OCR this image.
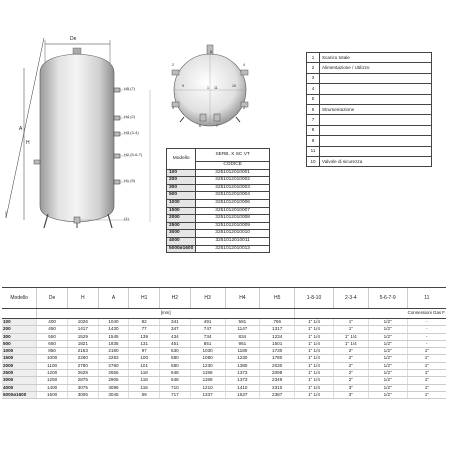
De
A
H
H5 (7)
H4 (2)
H3 (3-4)
H2 (5-6-7)
H1 (9)
(1)
1
2
3
4
5
6	7
8
9	10
11
1	Scarico totale
2	Alimentazione / Utilizzo
3	
4	
5	
6	Strumentazione
7	
8	
9	
11	
10	Valvole di sicurezza
Modello	SERB. X SC VT
	CODICE
100	3251012010001
200	3251012010002
300	3251012010003
500	3251012010004
1000	3251012010006
1500	3251012010007
2000	3251012010008
2500	3251012010009
3000	3251012010010
4000	3251012010011
5000ø1600	3251012010013
Modello	De	H	A	H1	H2	H3	H4	H5	1-8-10	2-3-4	5-6-7-9	11
	[mm]								Connessioni Gas F			
100	400	1026	1040	82	341	491	581	766	1" 1/4	1"	1/2"	-
200	450	1417	1430	77	347	747	1147	1317	1" 1/4	1"	1/2"	-
300	550	1529	1545	139	434	734	834	1234	1" 1/4	1" 1/4	1/2"	-
500	650	1821	1835	131	451	851	951	1501	1" 1/4	1" 1/4	1/2"	-
1000	850	2163	2180	97	530	1030	1180	1730	1" 1/4	2"	1/2"	1"
1500	1000	2260	2283	100	580	1080	1230	1780	1" 1/4	2"	1/2"	1"
2000	1100	2780	2780	101	580	1230	1380	2030	1" 1/4	2"	1/2"	1"
2500	1200	2628	2655	118	648	1198	1373	2098	1" 1/4	2"	1/2"	1"
3000	1250	2875	2905	118	648	1198	1373	2349	1" 1/4	2"	1/2"	1"
4000	1400	3075	3095	116	710	1210	1410	2310	1" 1/4	3"	1/2"	1"
5000ø1600	1600	3005	3045	69	717	1337	1537	2387	1" 1/4	3"	1/2"	1"
